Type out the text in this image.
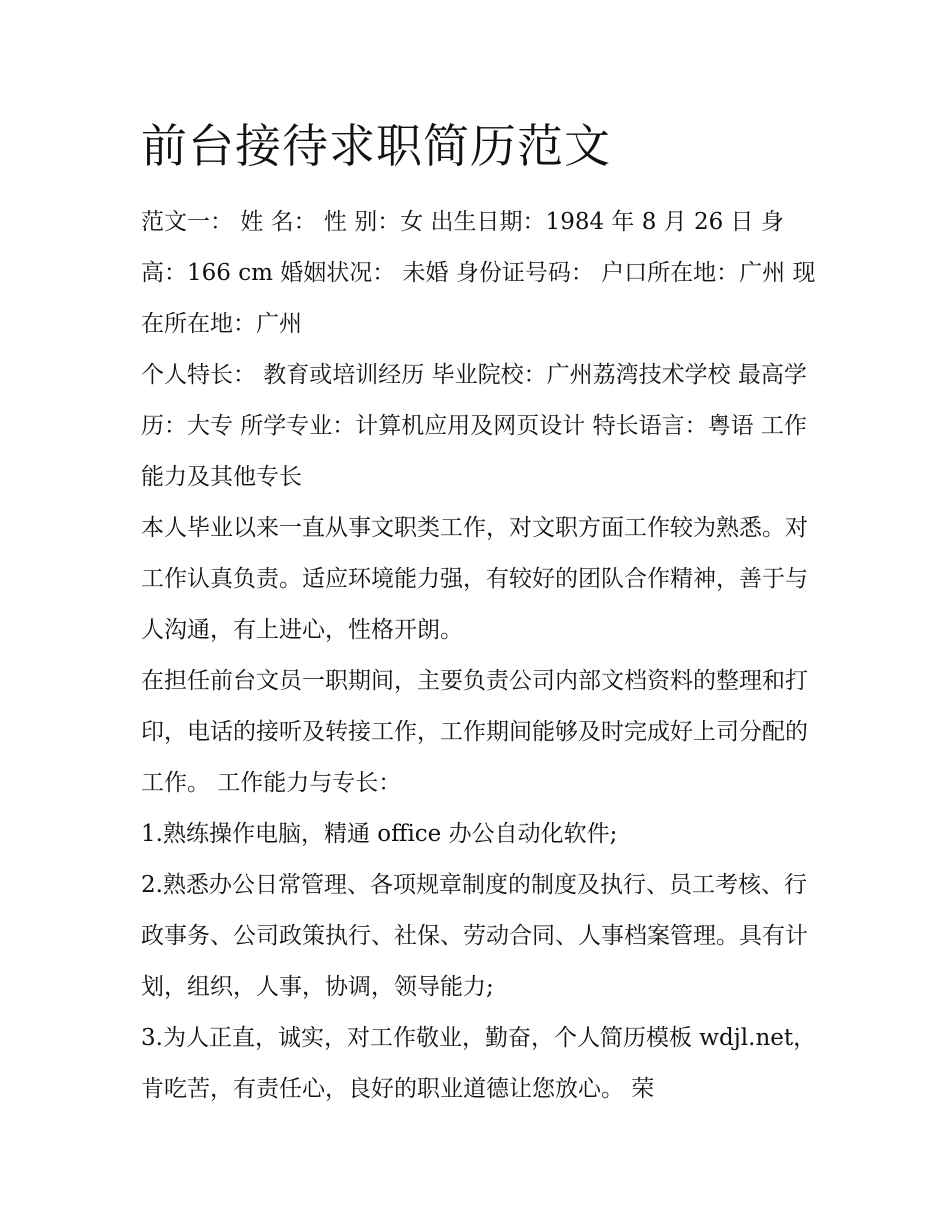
前台接待求职简历范文

范文一： 姓 名： 性 别：女 出生日期：1984 年 8 月 26 日 身高：166 cm 婚姻状况： 未婚 身份证号码： 户口所在地：广州 现在所在地：广州

个人特长： 教育或培训经历 毕业院校：广州荔湾技术学校 最高学历：大专 所学专业：计算机应用及网页设计 特长语言：粤语 工作能力及其他专长

本人毕业以来一直从事文职类工作，对文职方面工作较为熟悉。对工作认真负责。适应环境能力强，有较好的团队合作精神，善于与人沟通，有上进心，性格开朗。

在担任前台文员一职期间，主要负责公司内部文档资料的整理和打印，电话的接听及转接工作，工作期间能够及时完成好上司分配的工作。 工作能力与专长：

1.熟练操作电脑，精通 office 办公自动化软件;

2.熟悉办公日常管理、各项规章制度的制度及执行、员工考核、行政事务、公司政策执行、社保、劳动合同、人事档案管理。具有计划，组织，人事，协调，领导能力;

3.为人正直，诚实，对工作敬业，勤奋，个人简历模板 wdjl.net，肯吃苦，有责任心，良好的职业道德让您放心。 荣
